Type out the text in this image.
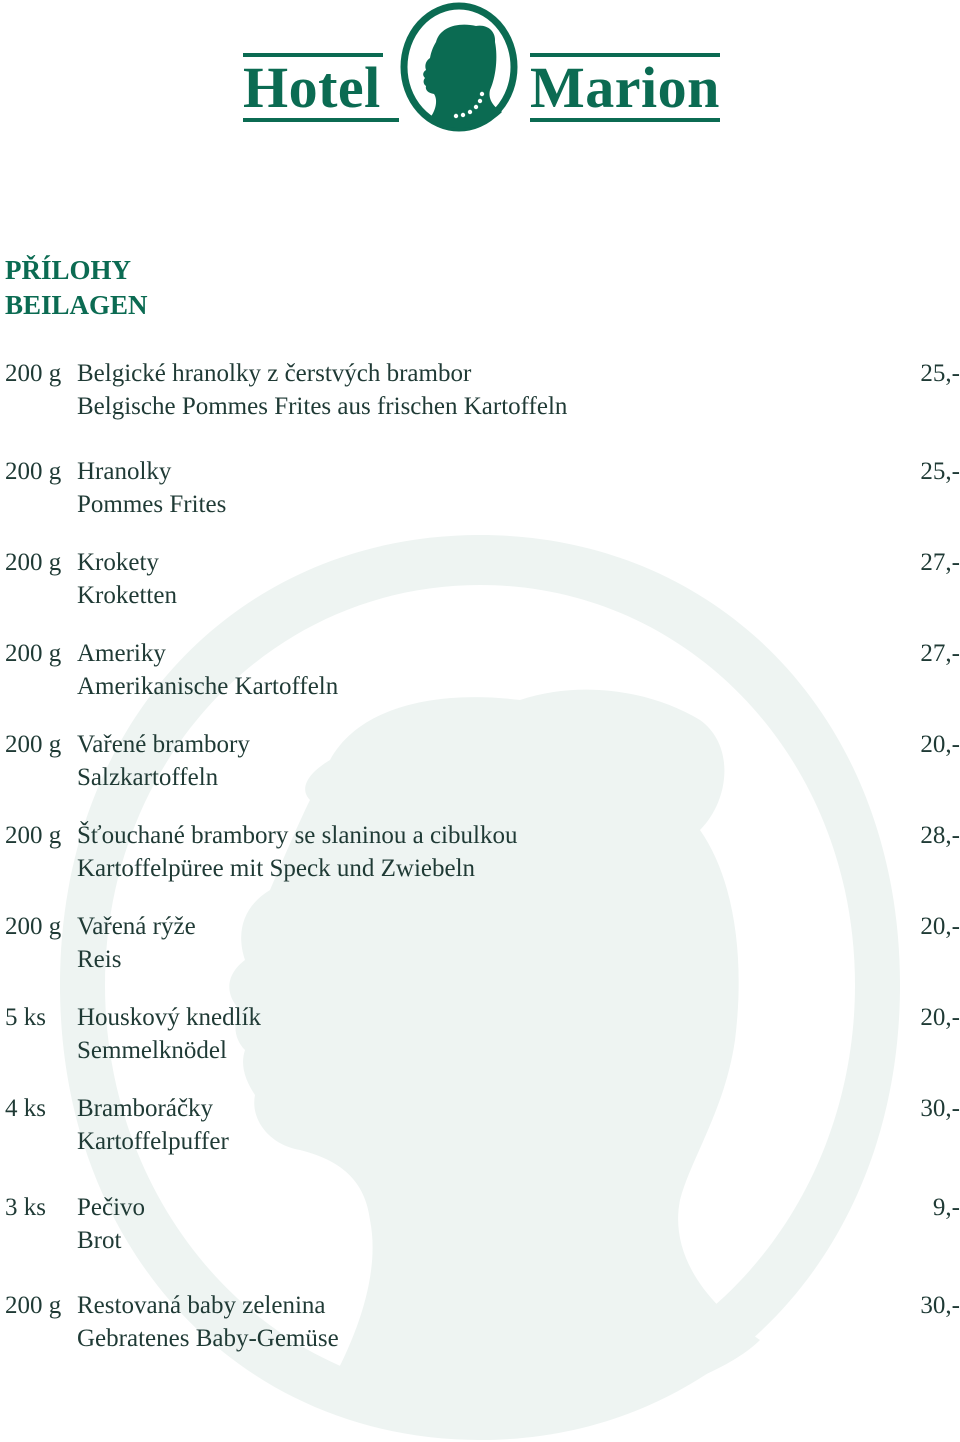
Hotel	Marion
PŘÍLOHY
BEILAGEN
200 g Belgické hranolky z čerstvých brambor
Belgische Pommes Frites aus frischen Kartoffeln
25,-
200 g Hranolky
Pommes Frites
25,-
200 g Krokety
Kroketten
27,-
200 g Ameriky
Amerikanische Kartoffeln
27,-
200 g Vařené brambory
Salzkartoffeln
20,-
200 g Šťouchané brambory se slaninou a cibulkou
Kartoffelpüree mit Speck und Zwiebeln
28,-
200 g Vařená rýže
Reis
20,-
5 ks Houskový knedlík
Semmelknödel
20,-
4 ks Bramboráčky
Kartoffelpuffer
30,-
3 ks Pečivo
Brot
9,-
200 g Restovaná baby zelenina
Gebratenes Baby-Gemüse
30,-
